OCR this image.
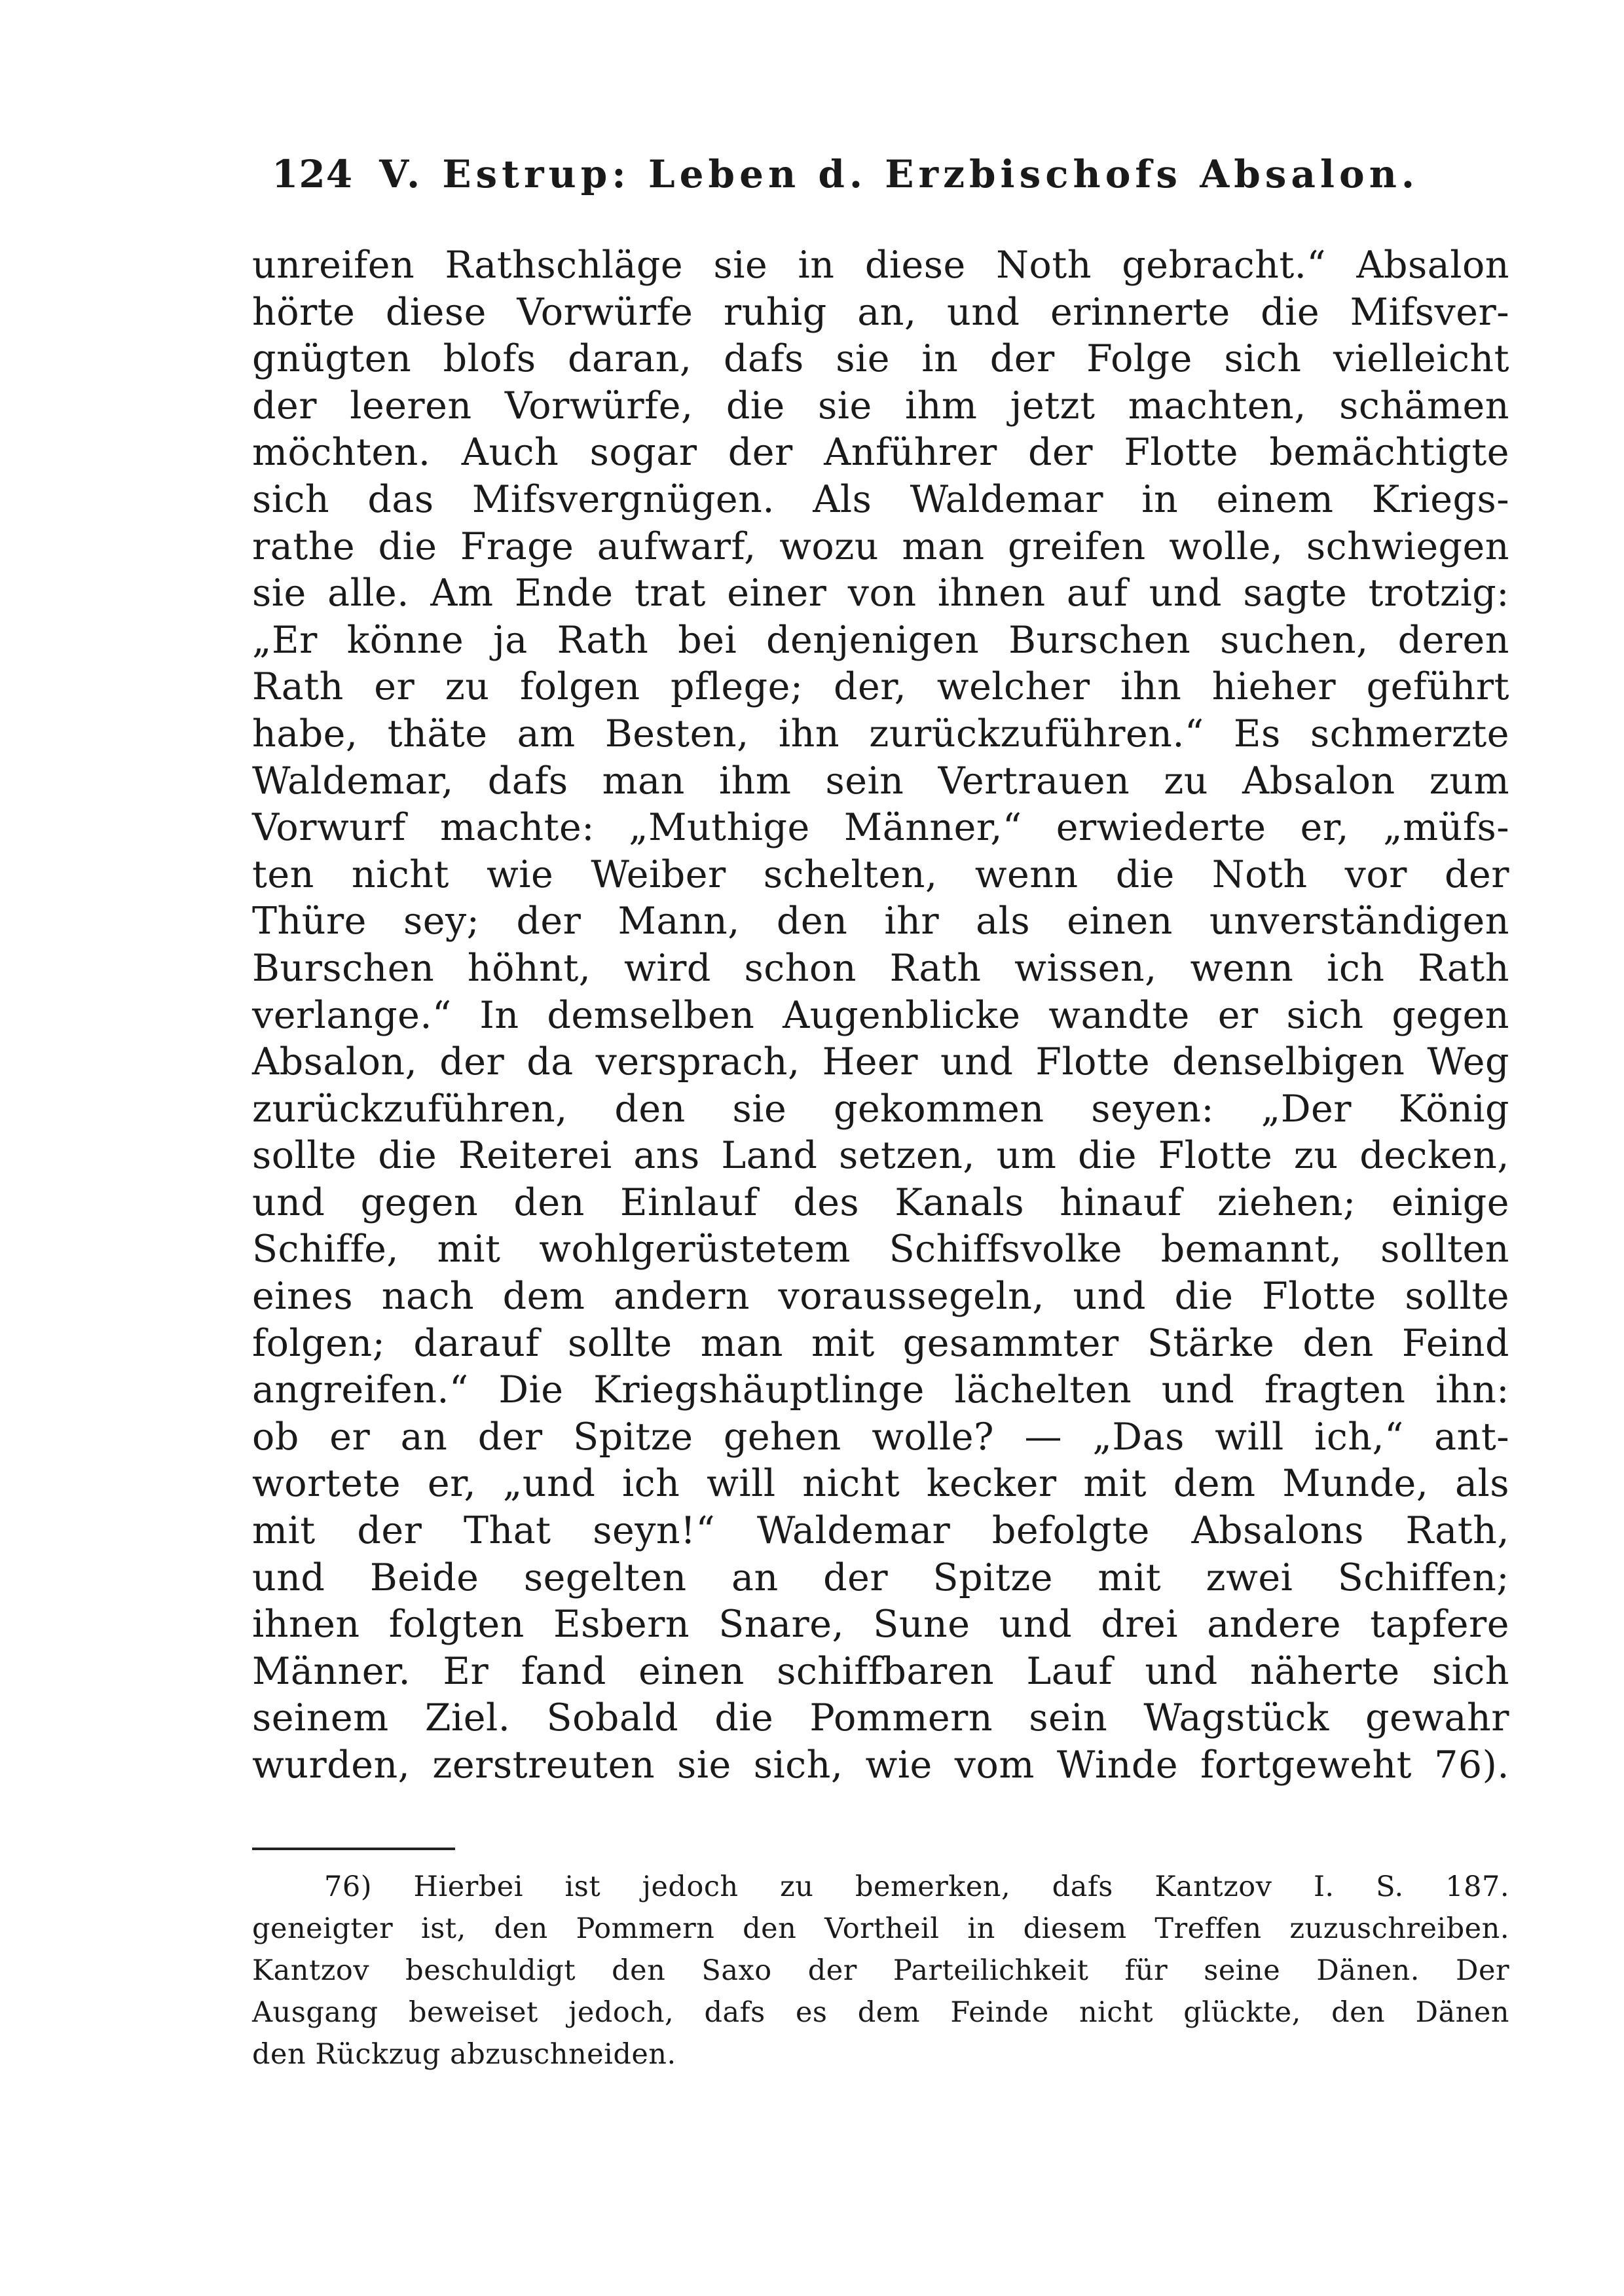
124 V. Estrup: Leben d. Erzbischofs Absalon.
unreifen Rathschläge sie in diese Noth gebracht.“ Absalon
hörte diese Vorwürfe ruhig an, und erinnerte die Mifsver-
gnügten blofs daran, dafs sie in der Folge sich vielleicht
der leeren Vorwürfe, die sie ihm jetzt machten, schämen
möchten. Auch sogar der Anführer der Flotte bemächtigte
sich das Mifsvergnügen. Als Waldemar in einem Kriegs-
rathe die Frage aufwarf, wozu man greifen wolle, schwiegen
sie alle. Am Ende trat einer von ihnen auf und sagte trotzig:
„Er könne ja Rath bei denjenigen Burschen suchen, deren
Rath er zu folgen pflege; der, welcher ihn hieher geführt
habe, thäte am Besten, ihn zurückzuführen.“ Es schmerzte
Waldemar, dafs man ihm sein Vertrauen zu Absalon zum
Vorwurf machte: „Muthige Männer,“ erwiederte er, „müfs-
ten nicht wie Weiber schelten, wenn die Noth vor der
Thüre sey; der Mann, den ihr als einen unverständigen
Burschen höhnt, wird schon Rath wissen, wenn ich Rath
verlange.“ In demselben Augenblicke wandte er sich gegen
Absalon, der da versprach, Heer und Flotte denselbigen Weg
zurückzuführen, den sie gekommen seyen: „Der König
sollte die Reiterei ans Land setzen, um die Flotte zu decken,
und gegen den Einlauf des Kanals hinauf ziehen; einige
Schiffe, mit wohlgerüstetem Schiffsvolke bemannt, sollten
eines nach dem andern voraussegeln, und die Flotte sollte
folgen; darauf sollte man mit gesammter Stärke den Feind
angreifen.“ Die Kriegshäuptlinge lächelten und fragten ihn:
ob er an der Spitze gehen wolle? — „Das will ich,“ ant-
wortete er, „und ich will nicht kecker mit dem Munde, als
mit der That seyn!“ Waldemar befolgte Absalons Rath,
und Beide segelten an der Spitze mit zwei Schiffen;
ihnen folgten Esbern Snare, Sune und drei andere tapfere
Männer. Er fand einen schiffbaren Lauf und näherte sich
seinem Ziel. Sobald die Pommern sein Wagstück gewahr
wurden, zerstreuten sie sich, wie vom Winde fortgeweht 76).
76) Hierbei ist jedoch zu bemerken, dafs Kantzov I. S. 187.
geneigter ist, den Pommern den Vortheil in diesem Treffen zuzuschreiben.
Kantzov beschuldigt den Saxo der Parteilichkeit für seine Dänen. Der
Ausgang beweiset jedoch, dafs es dem Feinde nicht glückte, den Dänen
den Rückzug abzuschneiden.
